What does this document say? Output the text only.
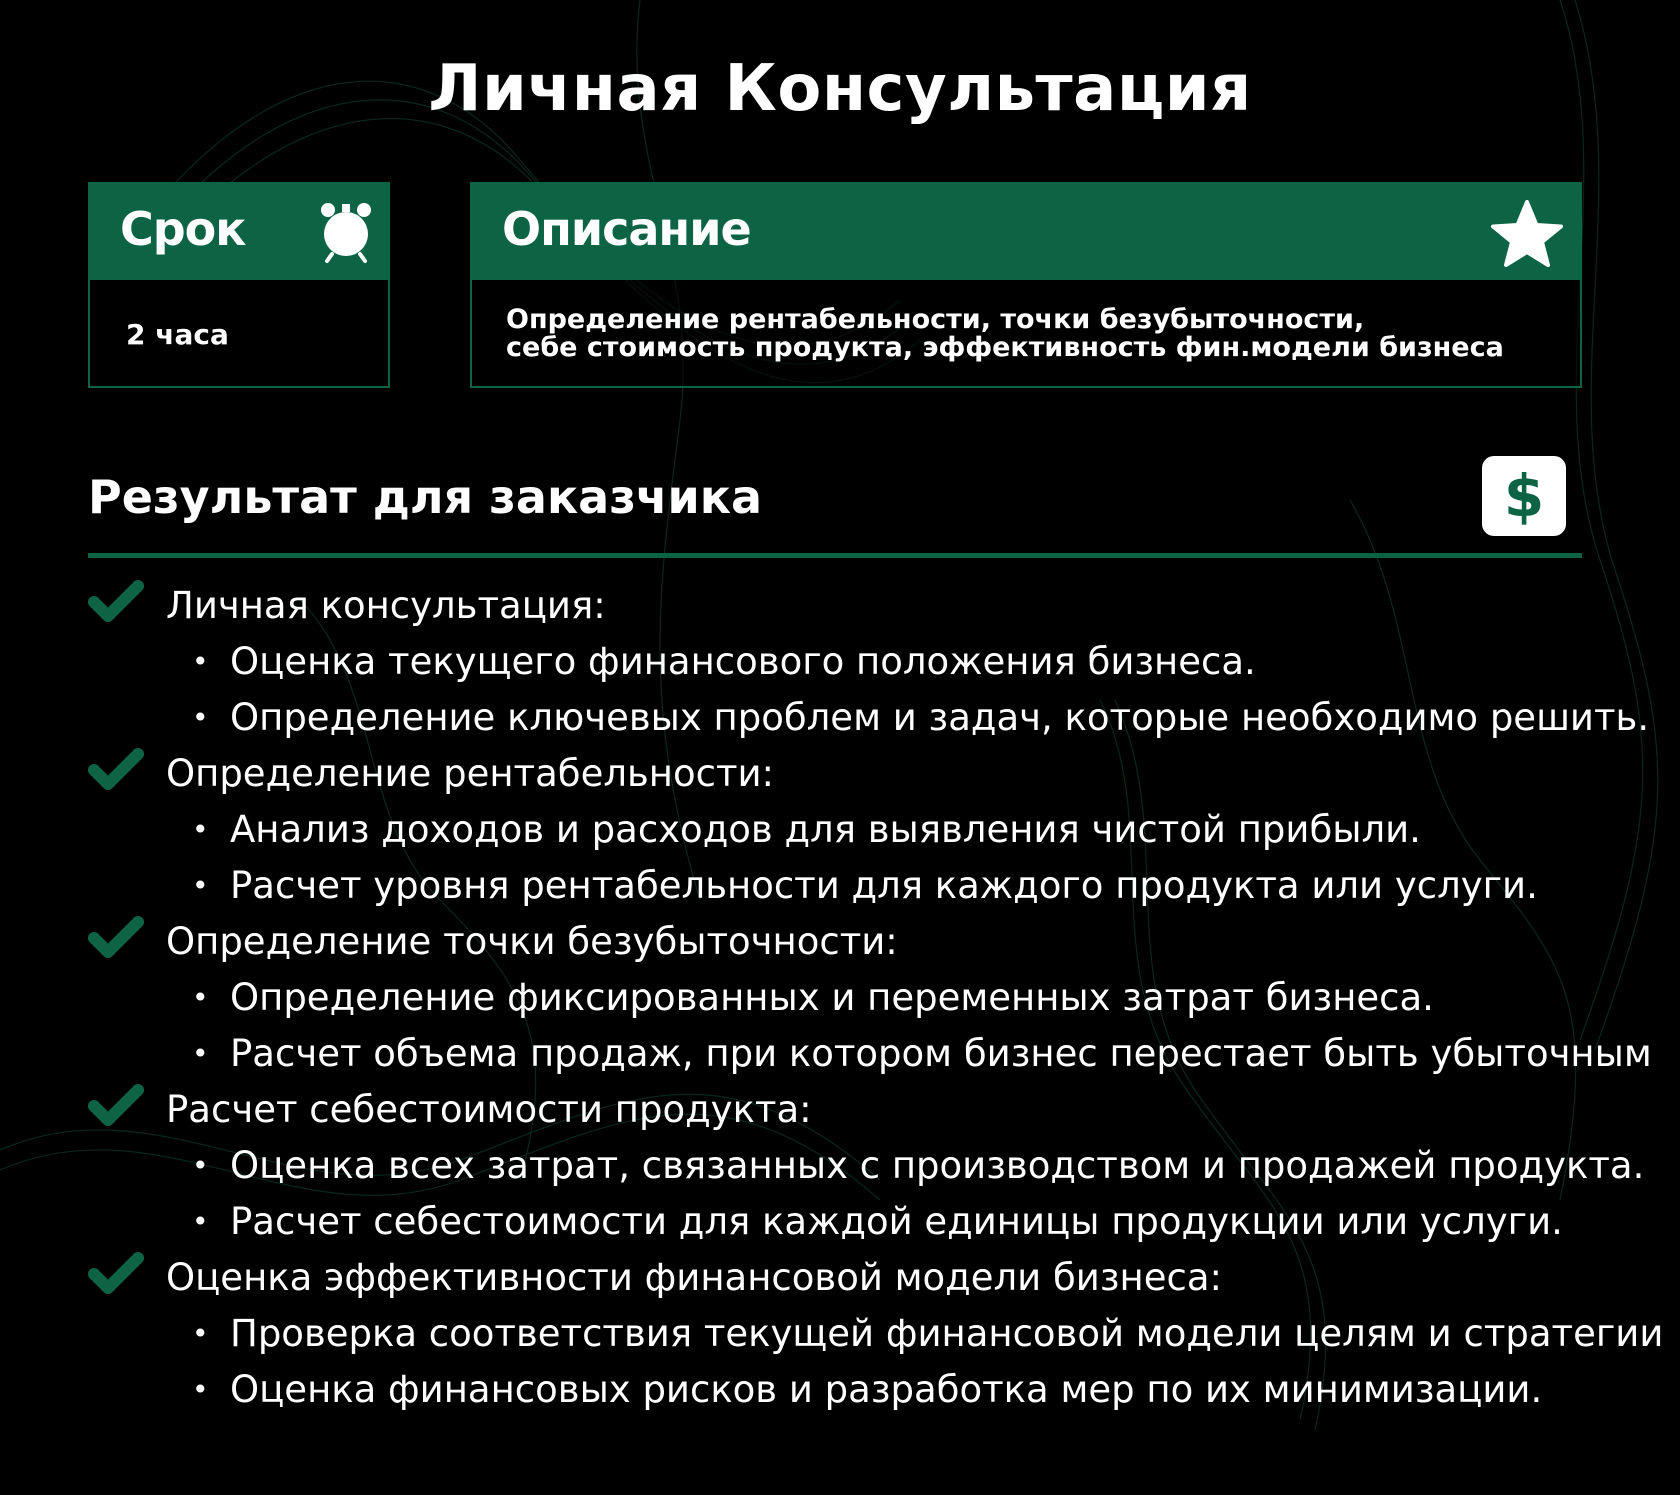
Личная Консультация
Срок
2 часа
Описание
Определение рентабельности, точки безубыточности,
себе стоимость продукта, эффективность фин.модели бизнеса
Результат для заказчика	$
Личная консультация:
• Оценка текущего финансового положения бизнеса.
• Определение ключевых проблем и задач, которые необходимо решить.
Определение рентабельности:
• Анализ доходов и расходов для выявления чистой прибыли.
• Расчет уровня рентабельности для каждого продукта или услуги.
Определение точки безубыточности:
• Определение фиксированных и переменных затрат бизнеса.
• Расчет объема продаж, при котором бизнес перестает быть убыточным
Расчет себестоимости продукта:
• Оценка всех затрат, связанных с производством и продажей продукта.
• Расчет себестоимости для каждой единицы продукции или услуги.
Оценка эффективности финансовой модели бизнеса:
• Проверка соответствия текущей финансовой модели целям и стратегии
• Оценка финансовых рисков и разработка мер по их минимизации.
